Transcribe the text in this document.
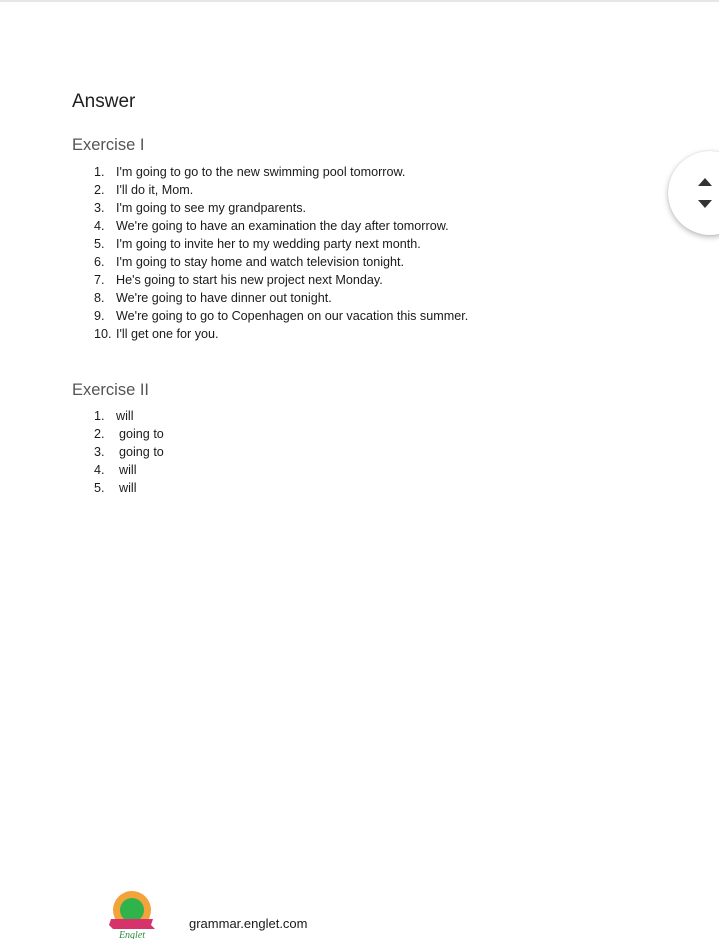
Answer
Exercise I
1. I'm going to go to the new swimming pool tomorrow.
2. I'll do it, Mom.
3. I'm going to see my grandparents.
4. We're going to have an examination the day after tomorrow.
5. I'm going to invite her to my wedding party next month.
6. I'm going to stay home and watch television tonight.
7. He's going to start his new project next Monday.
8. We're going to have dinner out tonight.
9. We're going to go to Copenhagen on our vacation this summer.
10. I'll get one for you.
Exercise II
1. will
2. going to
3. going to
4. will
5. will
Englet
grammar.englet.com
